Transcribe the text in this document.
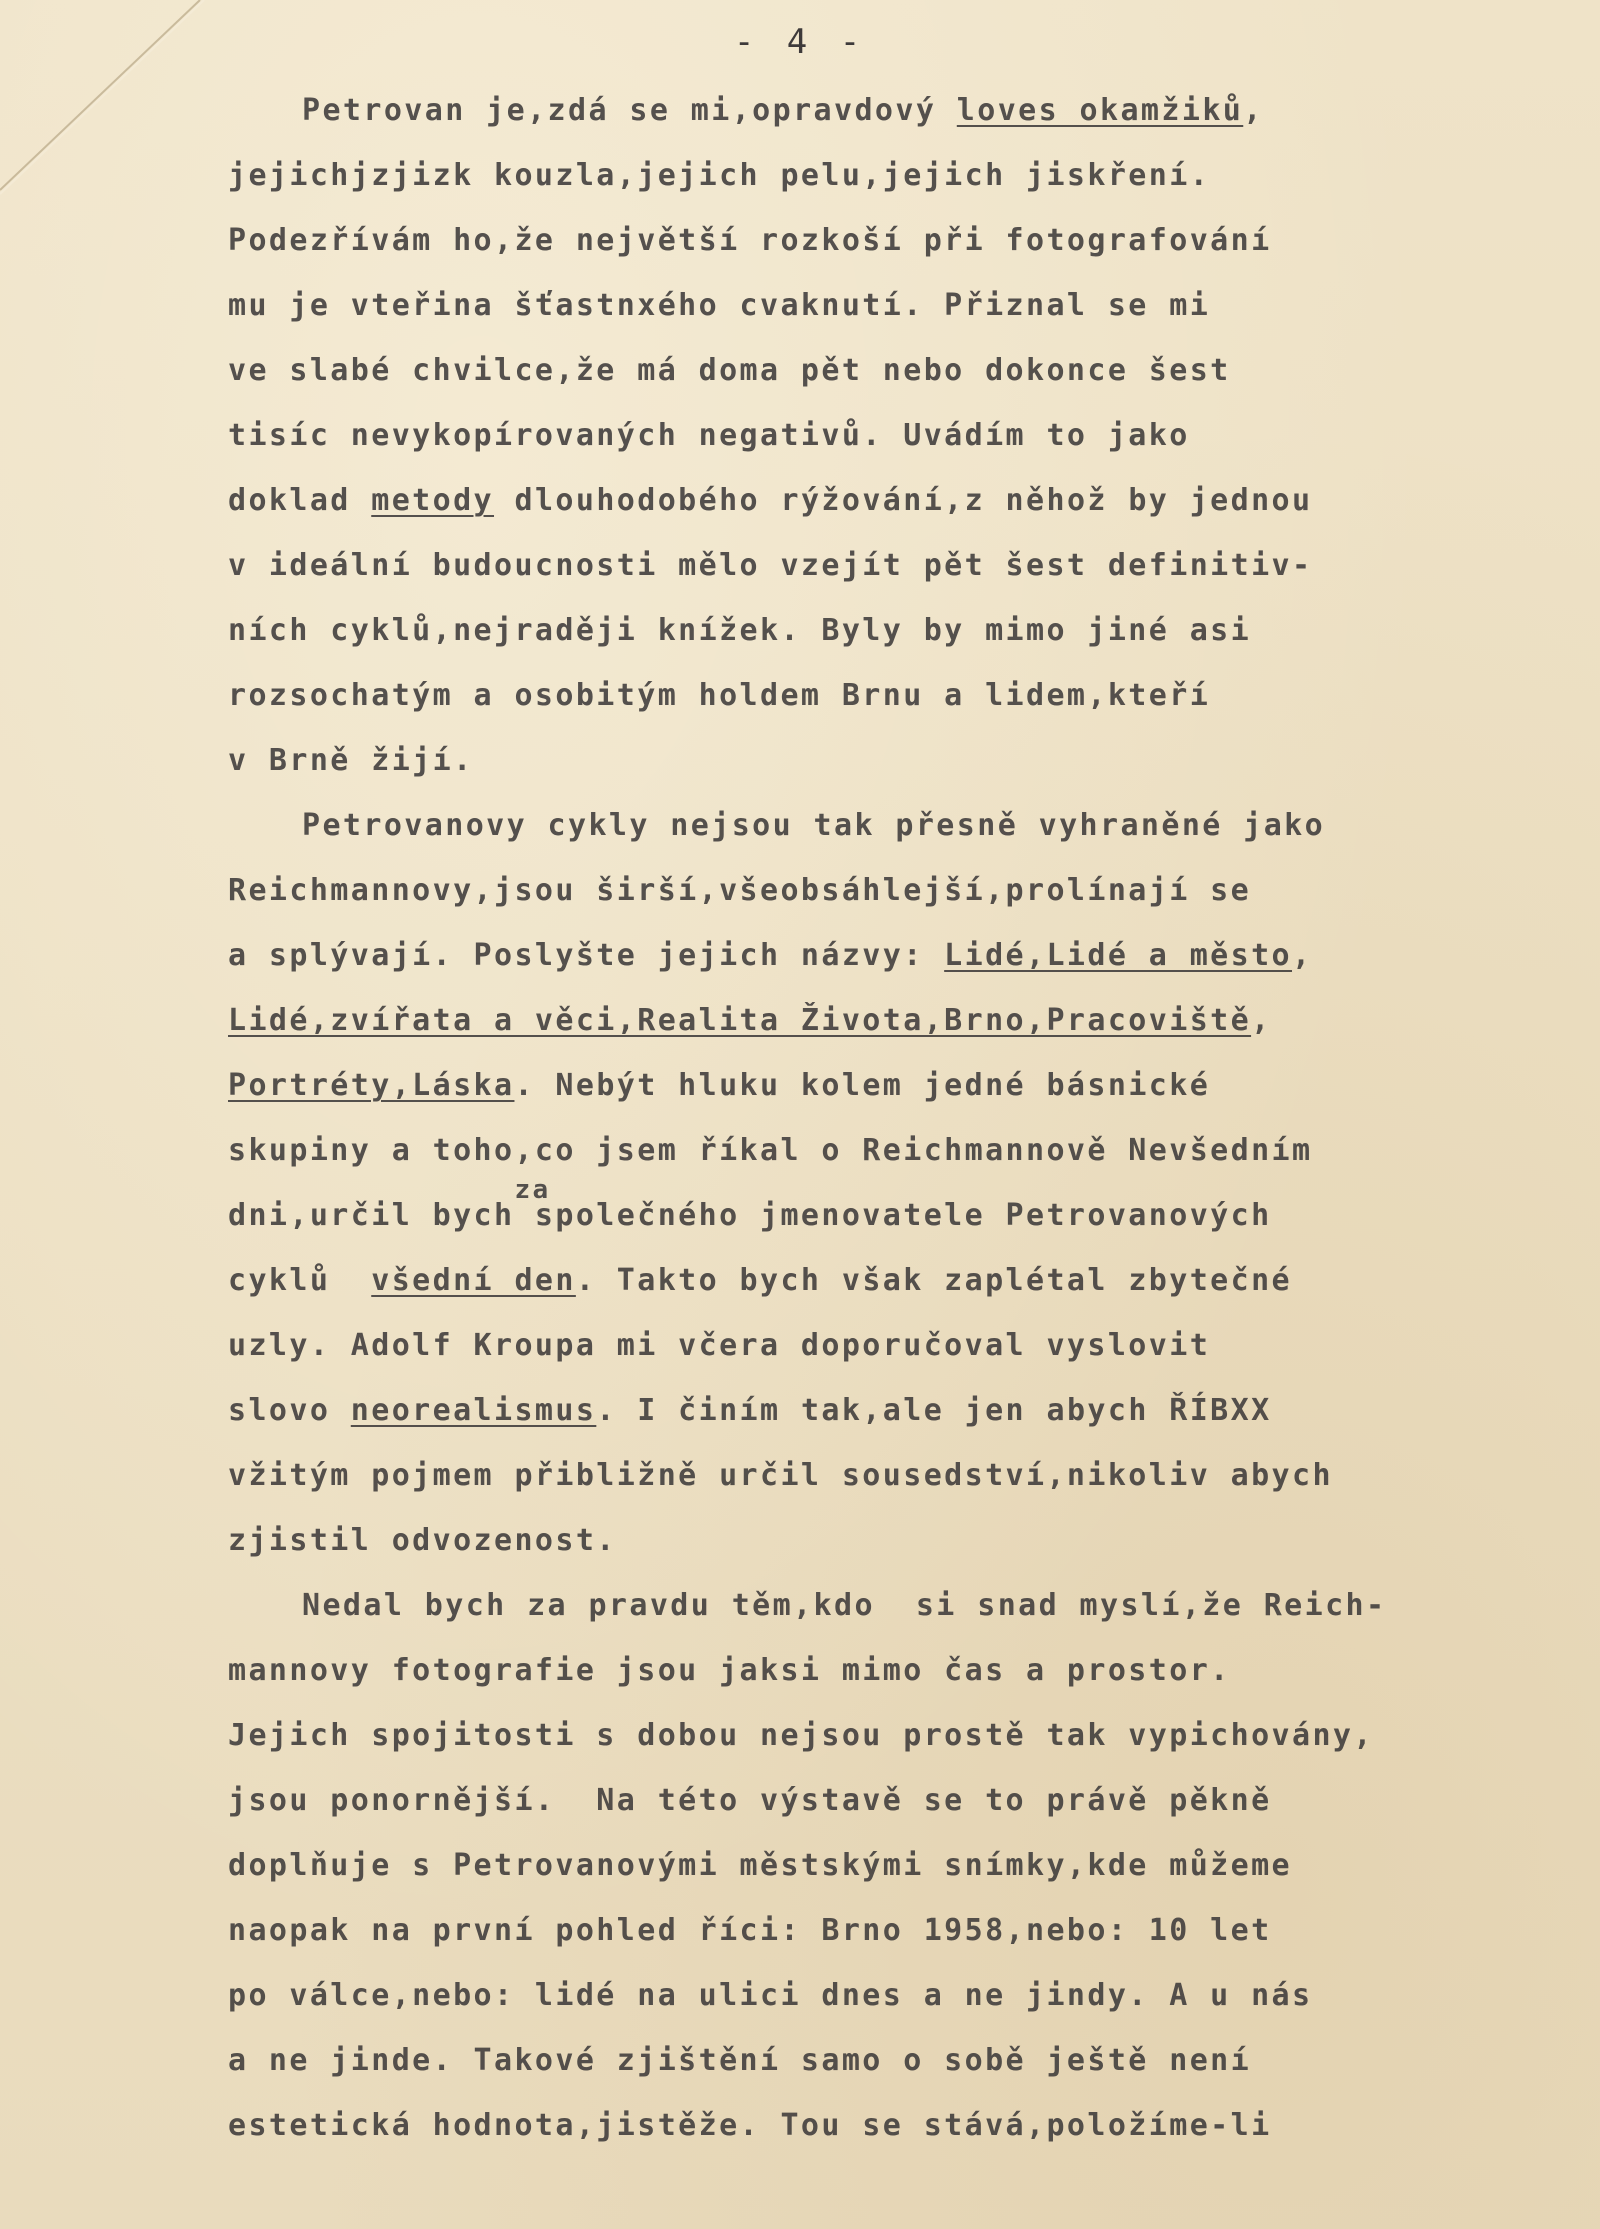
- 4 -
Petrovan je,zdá se mi,opravdový loves okamžiků,
jejichjzjizk kouzla,jejich pelu,jejich jiskření.
Podezřívám ho,že největší rozkoší při fotografování
mu je vteřina šťastnxého cvaknutí. Přiznal se mi
ve slabé chvilce,že má doma pět nebo dokonce šest
tisíc nevykopírovaných negativů. Uvádím to jako
doklad metody dlouhodobého rýžování,z něhož by jednou
v ideální budoucnosti mělo vzejít pět šest definitiv-
ních cyklů,nejraději knížek. Byly by mimo jiné asi
rozsochatým a osobitým holdem Brnu a lidem,kteří
v Brně žijí.
Petrovanovy cykly nejsou tak přesně vyhraněné jako
Reichmannovy,jsou širší,všeobsáhlejší,prolínají se
a splývají. Poslyšte jejich názvy: Lidé,Lidé a město,
Lidé,zvířata a věci,Realita Života,Brno,Pracoviště,
Portréty,Láska. Nebýt hluku kolem jedné básnické
skupiny a toho,co jsem říkal o Reichmannově Nevšedním
dni,určil bych společného jmenovatele Petrovanových
za
cyklů  všední den. Takto bych však zaplétal zbytečné
uzly. Adolf Kroupa mi včera doporučoval vyslovit
slovo neorealismus. I činím tak,ale jen abych ŘÍBXX
vžitým pojmem přibližně určil sousedství,nikoliv abych
zjistil odvozenost.
Nedal bych za pravdu těm,kdo  si snad myslí,že Reich-
mannovy fotografie jsou jaksi mimo čas a prostor.
Jejich spojitosti s dobou nejsou prostě tak vypichovány,
jsou ponornější.  Na této výstavě se to právě pěkně
doplňuje s Petrovanovými městskými snímky,kde můžeme
naopak na první pohled říci: Brno 1958,nebo: 10 let
po válce,nebo: lidé na ulici dnes a ne jindy. A u nás
a ne jinde. Takové zjištění samo o sobě ještě není
estetická hodnota,jistěže. Tou se stává,položíme-li
